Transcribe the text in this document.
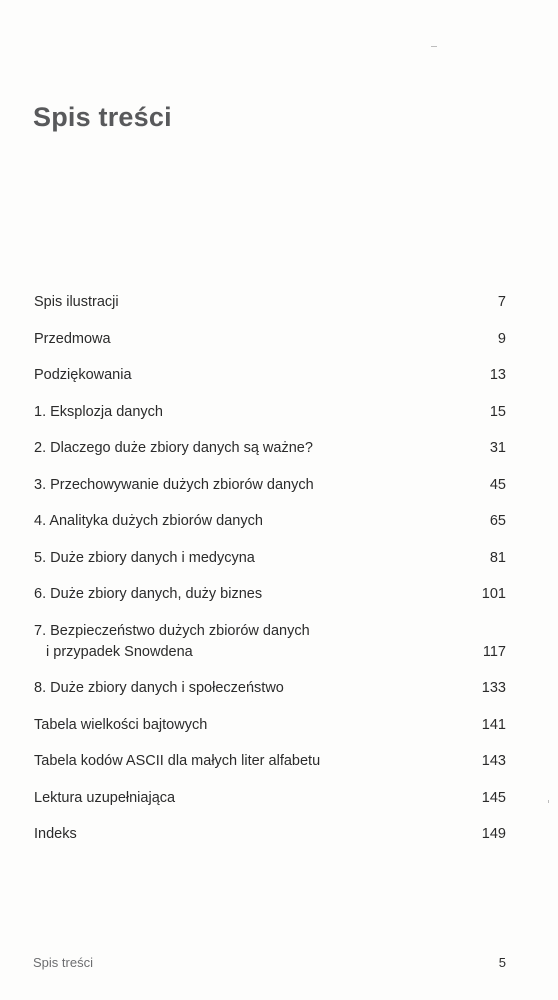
Spis treści
Spis ilustracji	7
Przedmowa	9
Podziękowania	13
1. Eksplozja danych	15
2. Dlaczego duże zbiory danych są ważne?	31
3. Przechowywanie dużych zbiorów danych	45
4. Analityka dużych zbiorów danych	65
5. Duże zbiory danych i medycyna	81
6. Duże zbiory danych, duży biznes	101
7. Bezpieczeństwo dużych zbiorów danych
i przypadek Snowdena	117
8. Duże zbiory danych i społeczeństwo	133
Tabela wielkości bajtowych	141
Tabela kodów ASCII dla małych liter alfabetu	143
Lektura uzupełniająca	145
Indeks	149
Spis treści	5
